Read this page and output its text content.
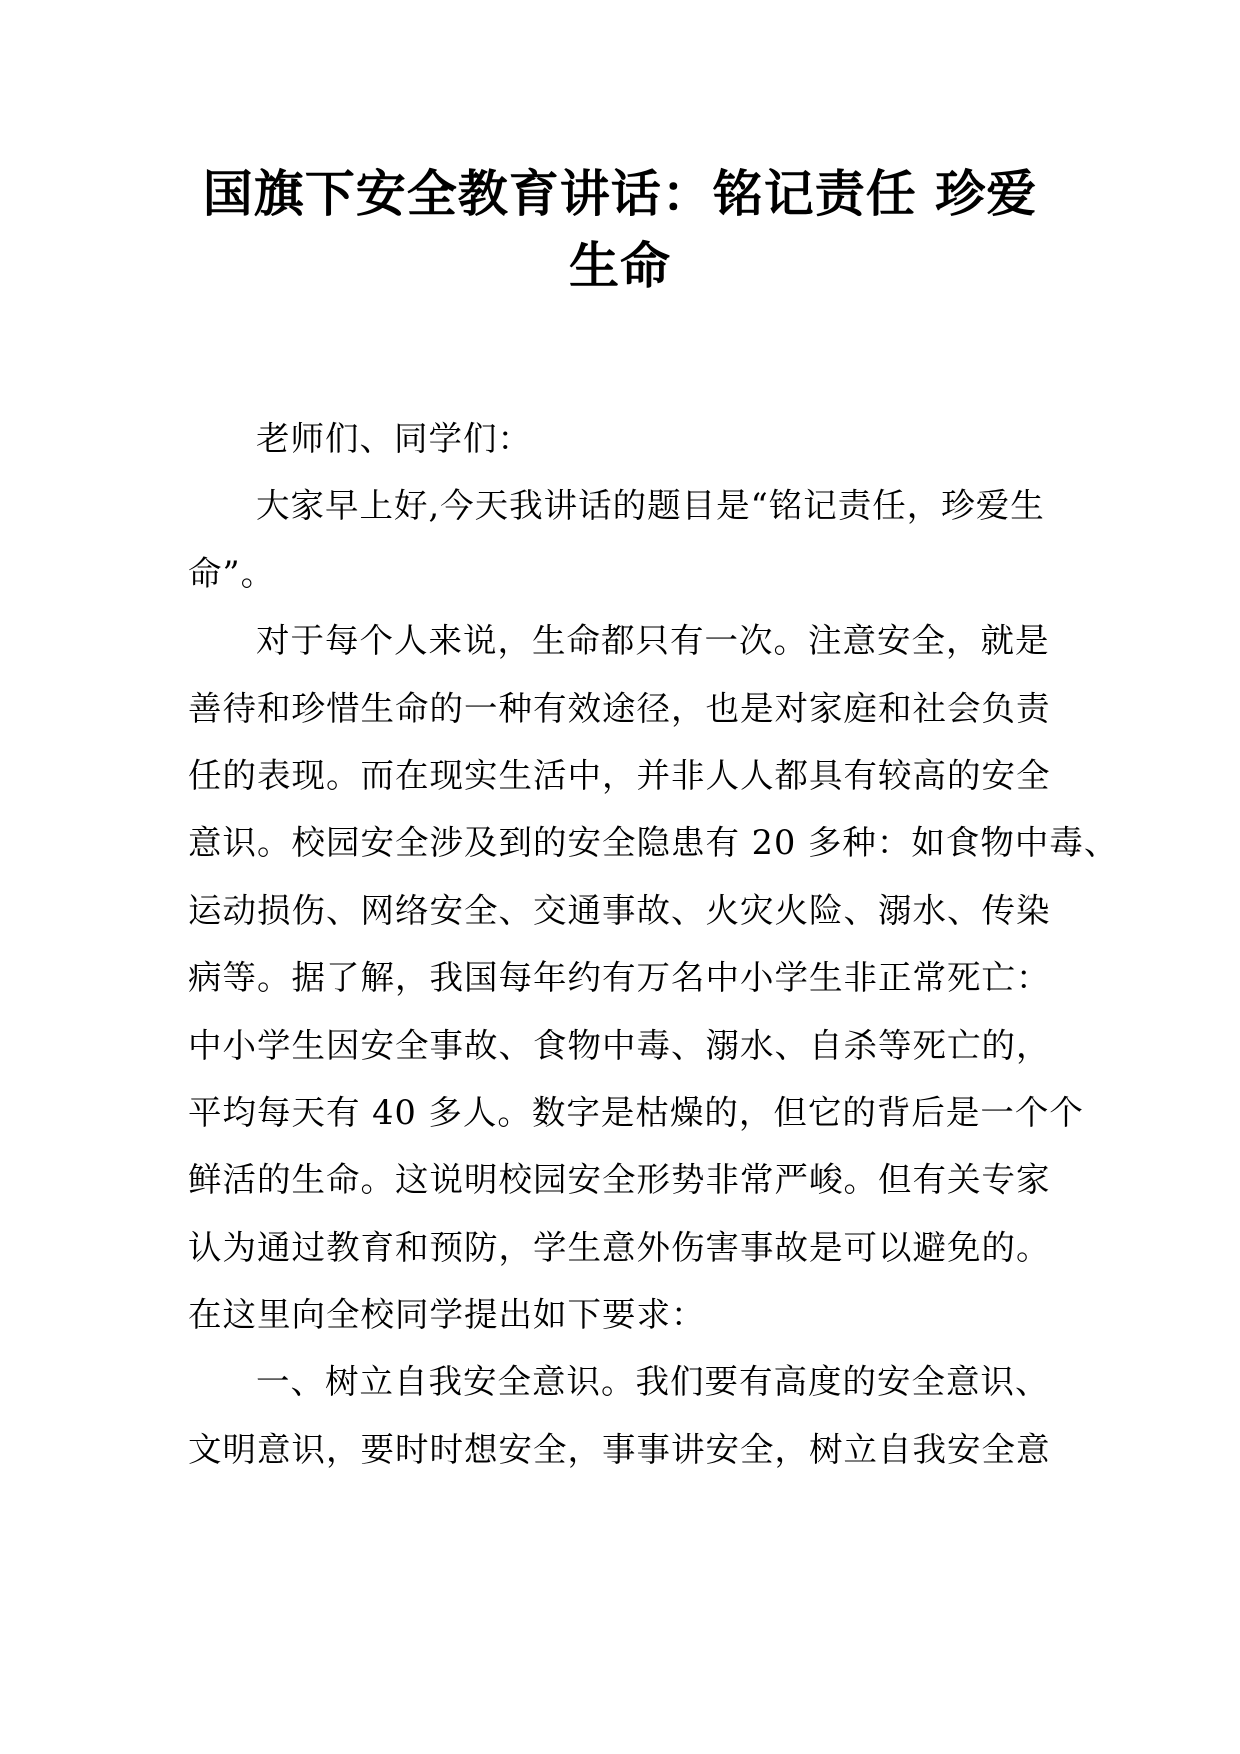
国旗下安全教育讲话：铭记责任 珍爱
生命
老师们、同学们：
大家早上好,今天我讲话的题目是“铭记责任，珍爱生
命”。
对于每个人来说，生命都只有一次。注意安全，就是
善待和珍惜生命的一种有效途径，也是对家庭和社会负责
任的表现。而在现实生活中，并非人人都具有较高的安全
意识。校园安全涉及到的安全隐患有 20 多种：如食物中毒、
运动损伤、网络安全、交通事故、火灾火险、溺水、传染
病等。据了解，我国每年约有万名中小学生非正常死亡：
中小学生因安全事故、食物中毒、溺水、自杀等死亡的，
平均每天有 40 多人。数字是枯燥的，但它的背后是一个个
鲜活的生命。这说明校园安全形势非常严峻。但有关专家
认为通过教育和预防，学生意外伤害事故是可以避免的。
在这里向全校同学提出如下要求：
一、树立自我安全意识。我们要有高度的安全意识、
文明意识，要时时想安全，事事讲安全，树立自我安全意
